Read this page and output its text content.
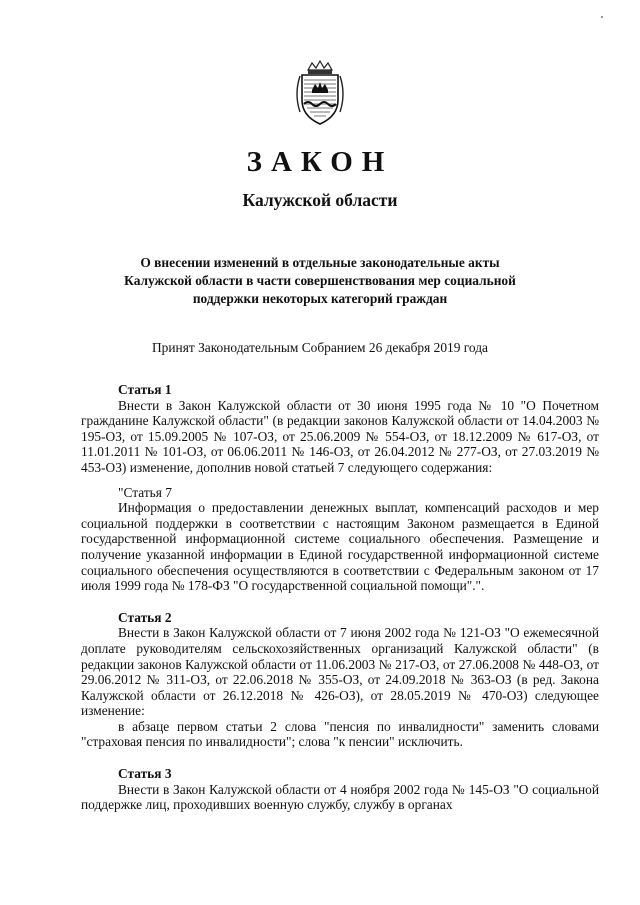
ЗАКОН
Калужской области
О внесении изменений в отдельные законодательные акты
Калужской области в части совершенствования мер социальной
поддержки некоторых категорий граждан
Принят Законодательным Собранием 26 декабря 2019 года

Статья 1

Внести в Закон Калужской области от 30 июня 1995 года № 10 "О Почетном гражданине Калужской области" (в редакции законов Калужской области от 14.04.2003 № 195-ОЗ, от 15.09.2005 № 107-ОЗ, от 25.06.2009 № 554-ОЗ, от 18.12.2009 № 617-ОЗ, от 11.01.2011 № 101-ОЗ, от 06.06.2011 № 146-ОЗ, от 26.04.2012 № 277-ОЗ, от 27.03.2019 № 453-ОЗ) изменение, дополнив новой статьей 7 следующего содержания:

"Статья 7

Информация о предоставлении денежных выплат, компенсаций расходов и мер социальной поддержки в соответствии с настоящим Законом размещается в Единой государственной информационной системе социального обеспечения. Размещение и получение указанной информации в Единой государственной информационной системе социального обеспечения осуществляются в соответствии с Федеральным законом от 17 июля 1999 года № 178-ФЗ "О государственной социальной помощи".".

Статья 2

Внести в Закон Калужской области от 7 июня 2002 года № 121-ОЗ "О ежемесячной доплате руководителям сельскохозяйственных организаций Калужской области" (в редакции законов Калужской области от 11.06.2003 № 217-ОЗ, от 27.06.2008 № 448-ОЗ, от 29.06.2012 № 311-ОЗ, от 22.06.2018 № 355-ОЗ, от 24.09.2018 № 363-ОЗ (в ред. Закона Калужской области от 26.12.2018 № 426-ОЗ), от 28.05.2019 № 470-ОЗ) следующее изменение:

в абзаце первом статьи 2 слова "пенсия по инвалидности" заменить словами "страховая пенсия по инвалидности"; слова "к пенсии" исключить.

Статья 3

Внести в Закон Калужской области от 4 ноября 2002 года № 145-ОЗ "О социальной поддержке лиц, проходивших военную службу, службу в органах
